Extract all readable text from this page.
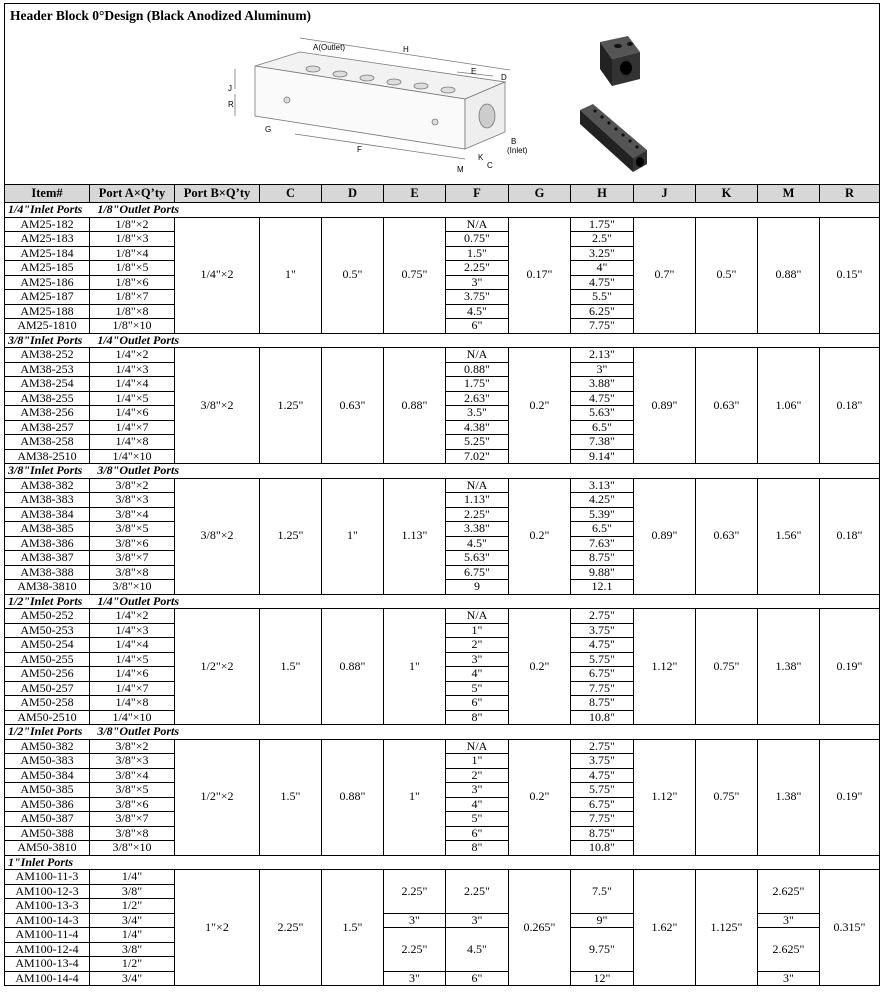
Header Block 0°Design (Black Anodized Aluminum)
A(Outlet)	H
E
D
J
R
G
F
M
K
C
B
(Inlet)
Item#	Port A×Q’ty	Port B×Q’ty	C	D	E	F	G	H	J	K	M	R
1/4"Inlet Ports     1/8"Outlet Ports												
AM25-182	1/8"×2	1/4"×2	1"	0.5"	0.75"	N/A	0.17"	1.75"	0.7"	0.5"	0.88"	0.15"
AM25-183	1/8"×3					0.75"		2.5"				
AM25-184	1/8"×4					1.5"		3.25"				
AM25-185	1/8"×5					2.25"		4"				
AM25-186	1/8"×6					3"		4.75"				
AM25-187	1/8"×7					3.75"		5.5"				
AM25-188	1/8"×8					4.5"		6.25"				
AM25-1810	1/8"×10					6"		7.75"				
3/8"Inlet Ports     1/4"Outlet Ports												
AM38-252	1/4"×2	3/8"×2	1.25"	0.63"	0.88"	N/A	0.2"	2.13"	0.89"	0.63"	1.06"	0.18"
AM38-253	1/4"×3					0.88"		3"				
AM38-254	1/4"×4					1.75"		3.88"				
AM38-255	1/4"×5					2.63"		4.75"				
AM38-256	1/4"×6					3.5"		5.63"				
AM38-257	1/4"×7					4.38"		6.5"				
AM38-258	1/4"×8					5.25"		7.38"				
AM38-2510	1/4"×10					7.02"		9.14"				
3/8"Inlet Ports     3/8"Outlet Ports												
AM38-382	3/8"×2	3/8"×2	1.25"	1"	1.13"	N/A	0.2"	3.13"	0.89"	0.63"	1.56"	0.18"
AM38-383	3/8"×3					1.13"		4.25"				
AM38-384	3/8"×4					2.25"		5.39"				
AM38-385	3/8"×5					3.38"		6.5"				
AM38-386	3/8"×6					4.5"		7.63"				
AM38-387	3/8"×7					5.63"		8.75"				
AM38-388	3/8"×8					6.75"		9.88"				
AM38-3810	3/8"×10					9		12.1				
1/2"Inlet Ports     1/4"Outlet Ports												
AM50-252	1/4"×2	1/2"×2	1.5"	0.88"	1"	N/A	0.2"	2.75"	1.12"	0.75"	1.38"	0.19"
AM50-253	1/4"×3					1"		3.75"				
AM50-254	1/4"×4					2"		4.75"				
AM50-255	1/4"×5					3"		5.75"				
AM50-256	1/4"×6					4"		6.75"				
AM50-257	1/4"×7					5"		7.75"				
AM50-258	1/4"×8					6"		8.75"				
AM50-2510	1/4"×10					8"		10.8"				
1/2"Inlet Ports     3/8"Outlet Ports												
AM50-382	3/8"×2	1/2"×2	1.5"	0.88"	1"	N/A	0.2"	2.75"	1.12"	0.75"	1.38"	0.19"
AM50-383	3/8"×3					1"		3.75"				
AM50-384	3/8"×4					2"		4.75"				
AM50-385	3/8"×5					3"		5.75"				
AM50-386	3/8"×6					4"		6.75"				
AM50-387	3/8"×7					5"		7.75"				
AM50-388	3/8"×8					6"		8.75"				
AM50-3810	3/8"×10					8"		10.8"				
1"Inlet Ports												
AM100-11-3	1/4"	1"×2	2.25"	1.5"	2.25"	2.25"	0.265"	7.5"	1.62"	1.125"	2.625"	0.315"
AM100-12-3	3/8"											
AM100-13-3	1/2"											
AM100-14-3	3/4"				3"	3"		9"			3"	
AM100-11-4	1/4"				2.25"	4.5"		9.75"			2.625"	
AM100-12-4	3/8"											
AM100-13-4	1/2"											
AM100-14-4	3/4"				3"	6"		12"			3"	
